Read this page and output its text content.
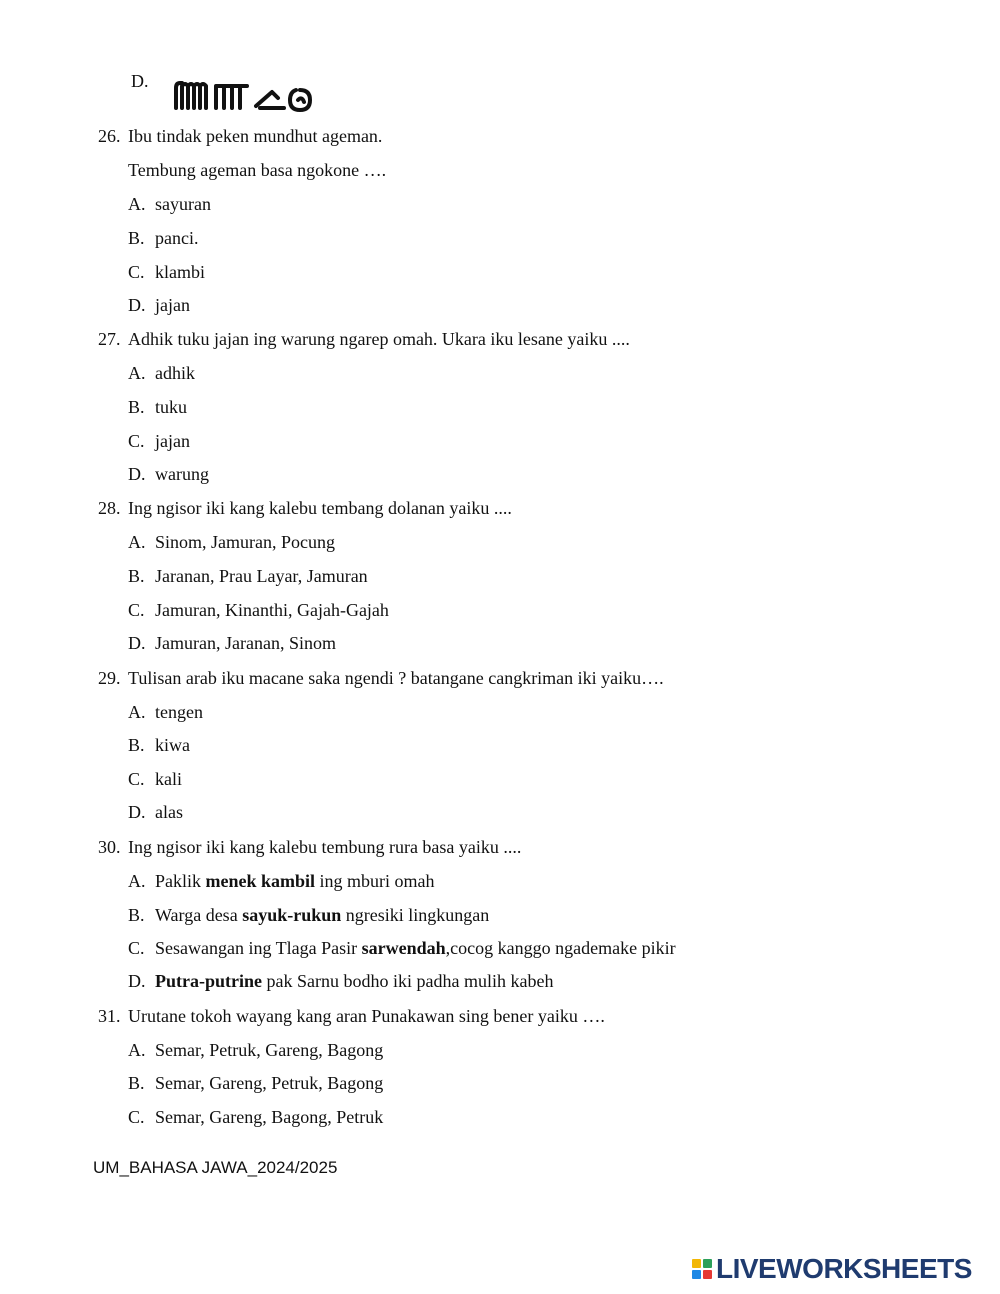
D.
26. Ibu tindak peken mundhut ageman.
Tembung ageman basa ngokone ….
A. sayuran
B. panci.
C. klambi
D. jajan
27. Adhik tuku jajan ing warung ngarep omah. Ukara iku lesane yaiku ....
A. adhik
B. tuku
C. jajan
D. warung
28. Ing ngisor iki kang kalebu tembang dolanan yaiku ....
A. Sinom, Jamuran, Pocung
B. Jaranan, Prau Layar, Jamuran
C. Jamuran, Kinanthi, Gajah-Gajah
D. Jamuran, Jaranan, Sinom
29. Tulisan arab iku macane saka ngendi ? batangane cangkriman iki yaiku….
A. tengen
B. kiwa
C. kali
D. alas
30. Ing ngisor iki kang kalebu tembung rura basa yaiku ....
A. Paklik menek kambil ing mburi omah
B. Warga desa sayuk-rukun ngresiki lingkungan
C. Sesawangan ing Tlaga Pasir sarwendah,cocog kanggo ngademake pikir
D. Putra-putrine pak Sarnu bodho iki padha mulih kabeh
31. Urutane tokoh wayang kang aran Punakawan sing bener yaiku ….
A. Semar, Petruk, Gareng, Bagong
B. Semar, Gareng, Petruk, Bagong
C. Semar, Gareng, Bagong, Petruk
UM_BAHASA JAWA_2024/2025
LIVEWORKSHEETS
